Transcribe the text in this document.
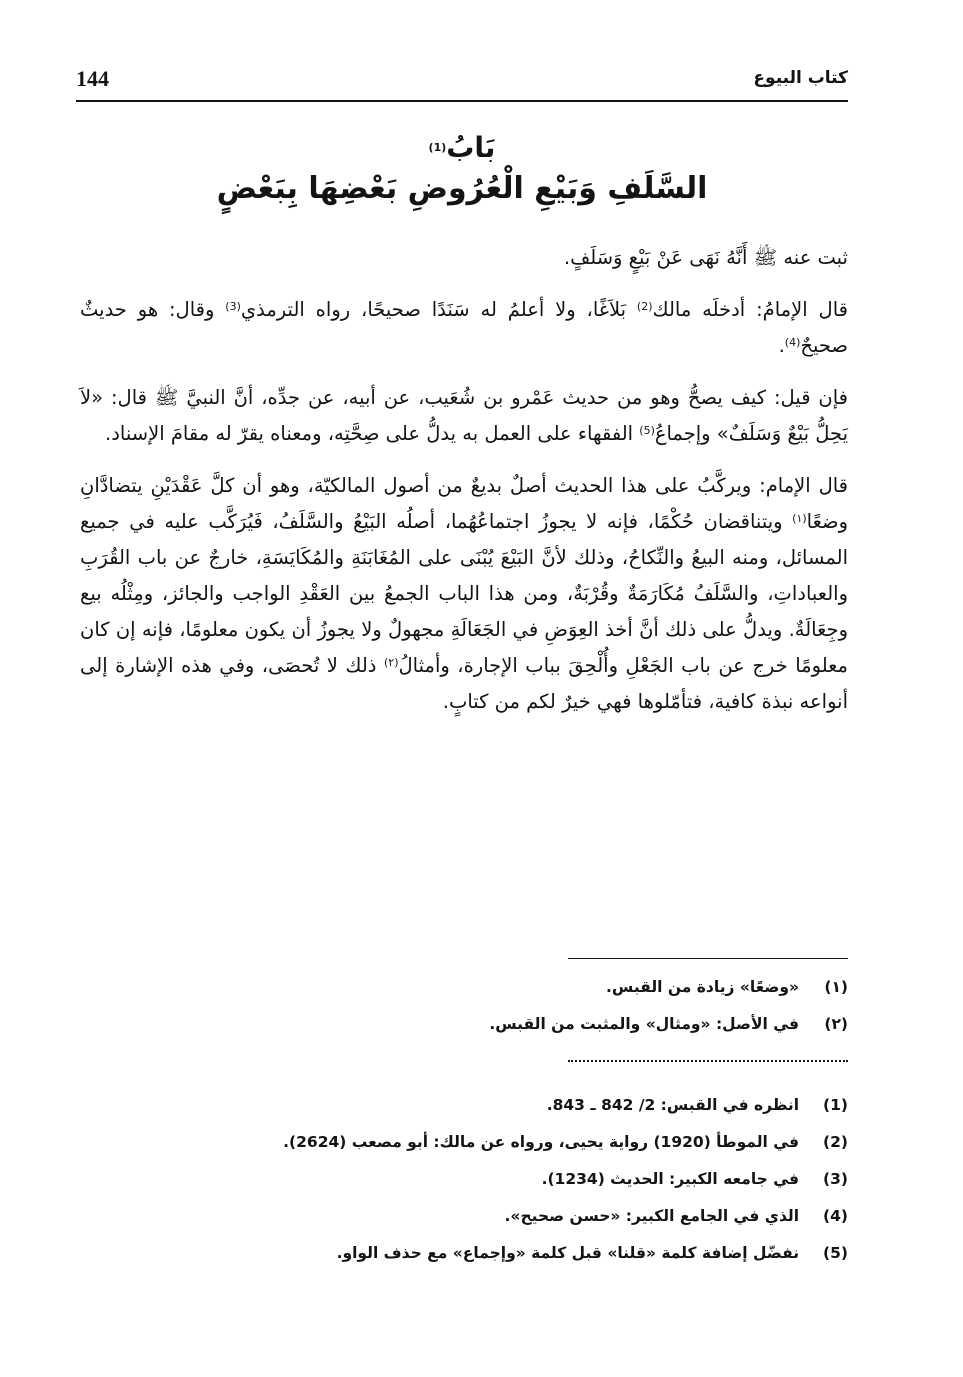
144	كتاب البيوع
بَابُ$^{(1)}$
السَّلَفِ وَبَيْعِ الْعُرُوضِ بَعْضِهَا بِبَعْضٍ

ثبت عنه ﷺ أَنَّهُ نَهَى عَنْ بَيْعٍ وَسَلَفٍ.

قال الإمامُ: أدخلَه مالك$^{(2)}$ بَلاَغًا، ولا أعلمُ له سَنَدًا صحيحًا، رواه الترمذي$^{(3)}$ وقال: هو حديثٌ صحيحٌ$^{(4)}$.

فإن قيل: كيف يصحُّ وهو من حديث عَمْرو بن شُعَيب، عن أبيه، عن جدِّه، أنَّ النبيَّ ﷺ قال: «لاَ يَحِلُّ بَيْعٌ وَسَلَفٌ» وإجماعُ$^{(5)}$ الفقهاء على العمل به يدلُّ على صِحَّتِه، ومعناه يقرّ له مقامَ الإسناد.

قال الإمام: ويركَّبُ على هذا الحديث أصلٌ بديعٌ من أصول المالكيّة، وهو أن كلَّ عَقْدَيْنِ يتضادَّانِ وضعًا$^{(١)}$ ويتناقضان حُكْمًا، فإنه لا يجوزُ اجتماعُهُما، أصلُه البَيْعُ والسَّلَفُ، فَيُرَكَّب عليه في جميع المسائل، ومنه البيعُ والنِّكاحُ، وذلك لأنَّ البَيْعَ يُبْنَى على المُغَابَنَةِ والمُكَايَسَةِ، خارجٌ عن باب القُرَبِ والعباداتِ، والسَّلَفُ مُكَارَمَةٌ وقُرْبَةٌ، ومن هذا الباب الجمعُ بين العَقْدِ الواجب والجائز، ومِثْلُه بيع وجِعَالَةٌ. ويدلُّ على ذلك أنَّ أخذ العِوَضِ في الجَعَالَةِ مجهولٌ ولا يجوزُ أن يكون معلومًا، فإنه إن كان معلومًا خرج عن باب الجَعْلِ وأُلْحِقَ بباب الإجارة، وأمثالُ$^{(٢)}$ ذلك لا تُحصَى، وفي هذه الإشارة إلى أنواعه نبذة كافية، فتأمّلوها فهي خيرٌ لكم من كتابٍ.

(١) «وضعًا» زيادة من القبس.
(٢) في الأصل: «ومثال» والمثبت من القبس.
(1) انظره في القبس: 2/ 842 ـ 843.
(2) في الموطأ (1920) رواية يحيى، ورواه عن مالك: أبو مصعب (2624).
(3) في جامعه الكبير: الحديث (1234).
(4) الذي في الجامع الكبير: «حسن صحيح».
(5) نفضّل إضافة كلمة «قلنا» قبل كلمة «وإجماع» مع حذف الواو.
